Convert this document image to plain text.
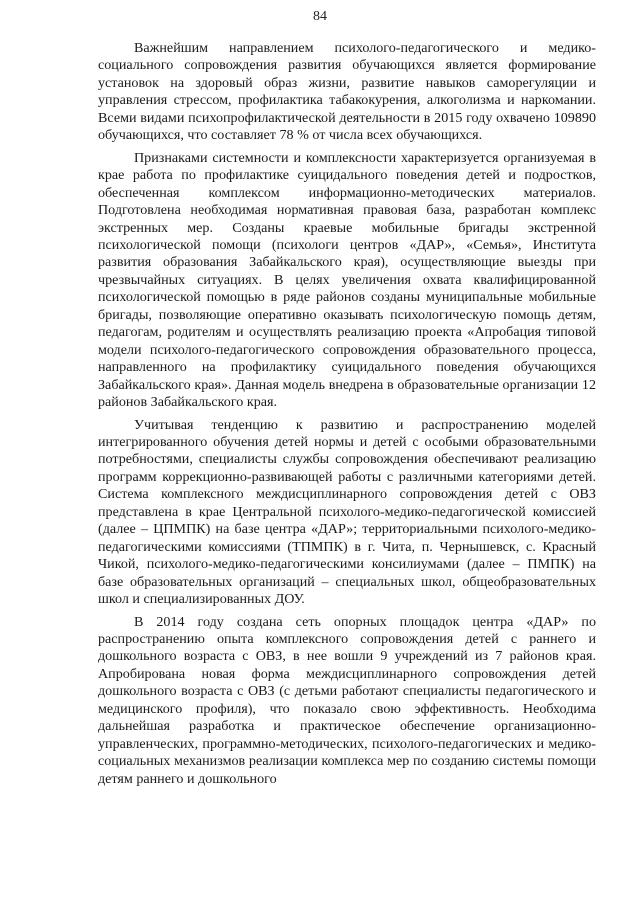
84

Важнейшим направлением психолого-педагогического и медико-социального сопровождения развития обучающихся является формирование установок на здоровый образ жизни, развитие навыков саморегуляции и управления стрессом, профилактика табакокурения, алкоголизма и наркомании. Всеми видами психопрофилактической деятельности в 2015 году охвачено 109890 обучающихся, что составляет 78 % от числа всех обучающихся.

Признаками системности и комплексности характеризуется организуемая в крае работа по профилактике суицидального поведения детей и подростков, обеспеченная комплексом информационно-методических материалов. Подготовлена необходимая нормативная правовая база, разработан комплекс экстренных мер. Созданы краевые мобильные бригады экстренной психологической помощи (психологи центров «ДАР», «Семья», Института развития образования Забайкальского края), осуществляющие выезды при чрезвычайных ситуациях. В целях увеличения охвата квалифицированной психологической помощью в ряде районов созданы муниципальные мобильные бригады, позволяющие оперативно оказывать психологическую помощь детям, педагогам, родителям и осуществлять реализацию проекта «Апробация типовой модели психолого-педагогического сопровождения образовательного процесса, направленного на профилактику суицидального поведения обучающихся Забайкальского края». Данная модель внедрена в образовательные организации 12 районов Забайкальского края.

Учитывая тенденцию к развитию и распространению моделей интегрированного обучения детей нормы и детей с особыми образовательными потребностями, специалисты службы сопровождения обеспечивают реализацию программ коррекционно-развивающей работы с различными категориями детей. Система комплексного междисциплинарного сопровождения детей с ОВЗ представлена в крае Центральной психолого-медико-педагогической комиссией (далее – ЦПМПК) на базе центра «ДАР»; территориальными психолого-медико-педагогическими комиссиями (ТПМПК) в г. Чита, п. Чернышевск, с. Красный Чикой, психолого-медико-педагогическими консилиумами (далее – ПМПК) на базе образовательных организаций – специальных школ, общеобразовательных школ и специализированных ДОУ.

В 2014 году создана сеть опорных площадок центра «ДАР» по распространению опыта комплексного сопровождения детей с раннего и дошкольного возраста с ОВЗ, в нее вошли 9 учреждений из 7 районов края. Апробирована новая форма междисциплинарного сопровождения детей дошкольного возраста с ОВЗ (с детьми работают специалисты педагогического и медицинского профиля), что показало свою эффективность. Необходима дальнейшая разработка и практическое обеспечение организационно-управленческих, программно-методических, психолого-педагогических и медико-социальных механизмов реализации комплекса мер по созданию системы помощи детям раннего и дошкольного
